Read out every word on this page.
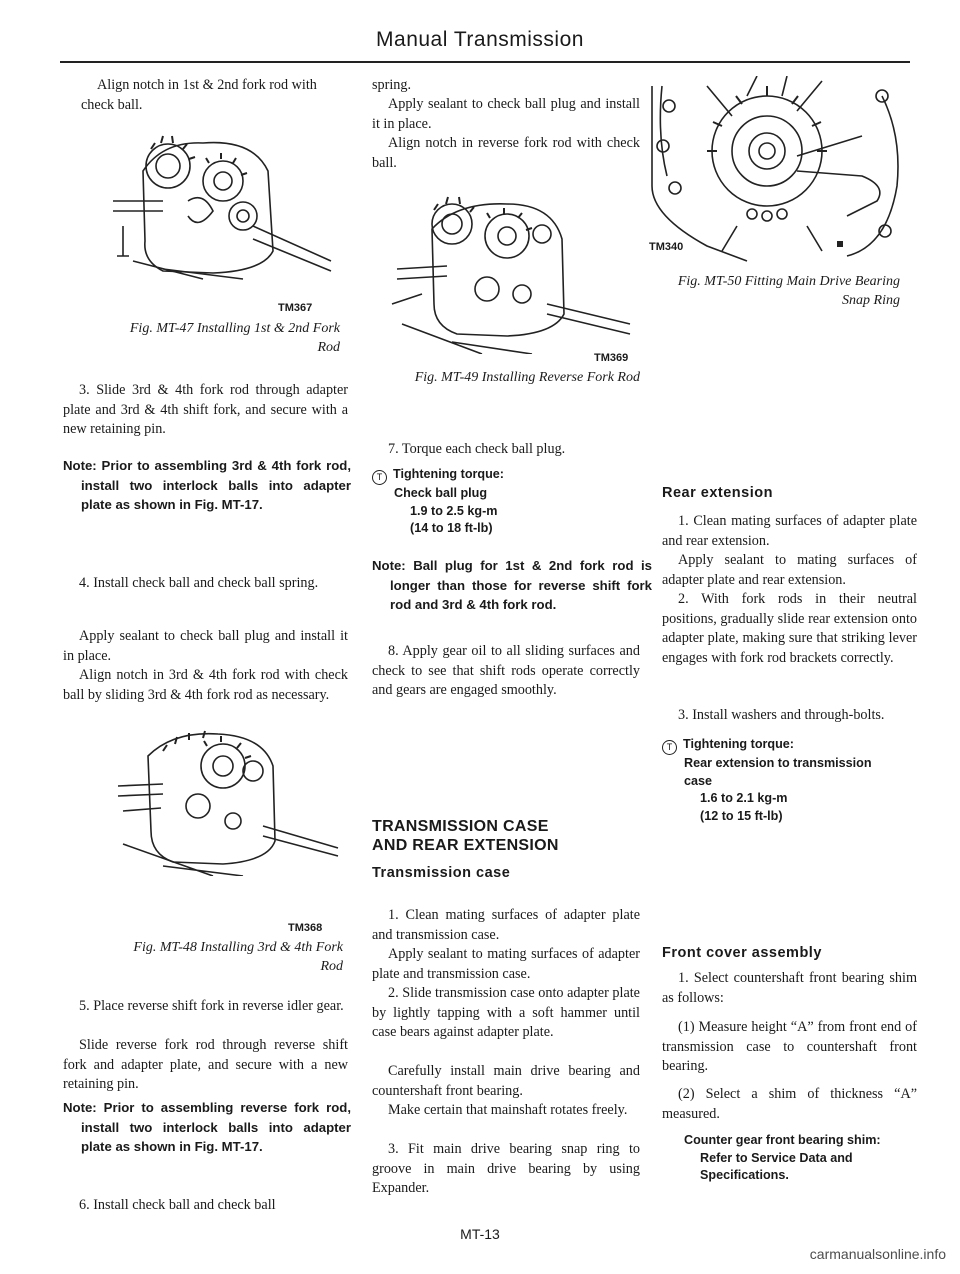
Manual Transmission

Align notch in 1st & 2nd fork rod with check ball.

TM367
Fig. MT-47 Installing 1st & 2nd Fork Rod

3. Slide 3rd & 4th fork rod through adapter plate and 3rd & 4th shift fork, and secure with a new retaining pin.

Note: Prior to assembling 3rd & 4th fork rod, install two interlock balls into adapter plate as shown in Fig. MT-17.

4. Install check ball and check ball spring.

Apply sealant to check ball plug and install it in place.

Align notch in 3rd & 4th fork rod with check ball by sliding 3rd & 4th fork rod as necessary.

TM368
Fig. MT-48 Installing 3rd & 4th Fork Rod

5. Place reverse shift fork in reverse idler gear.

Slide reverse fork rod through reverse shift fork and adapter plate, and secure with a new retaining pin.

Note: Prior to assembling reverse fork rod, install two interlock balls into adapter plate as shown in Fig. MT-17.

6. Install check ball and check ball

spring.

Apply sealant to check ball plug and install it in place.

Align notch in reverse fork rod with check ball.

TM369
Fig. MT-49 Installing Reverse Fork Rod

7. Torque each check ball plug.

T Tightening torque:
Check ball plug
1.9 to 2.5 kg-m
(14 to 18 ft-lb)

Note: Ball plug for 1st & 2nd fork rod is longer than those for reverse shift fork rod and 3rd & 4th fork rod.

8. Apply gear oil to all sliding surfaces and check to see that shift rods operate correctly and gears are engaged smoothly.

TRANSMISSION CASE
AND REAR EXTENSION
Transmission case

1. Clean mating surfaces of adapter plate and transmission case.

Apply sealant to mating surfaces of adapter plate and transmission case.

2. Slide transmission case onto adapter plate by lightly tapping with a soft hammer until case bears against adapter plate.

Carefully install main drive bearing and countershaft front bearing.

Make certain that mainshaft rotates freely.

3. Fit main drive bearing snap ring to groove in main drive bearing by using Expander.

TM340
Fig. MT-50 Fitting Main Drive Bearing Snap Ring
Rear extension

1. Clean mating surfaces of adapter plate and rear extension.

Apply sealant to mating surfaces of adapter plate and rear extension.

2. With fork rods in their neutral positions, gradually slide rear extension onto adapter plate, making sure that striking lever engages with fork rod brackets correctly.

3. Install washers and through-bolts.

T Tightening torque:
Rear extension to transmission
case
1.6 to 2.1 kg-m
(12 to 15 ft-lb)
Front cover assembly

1. Select countershaft front bearing shim as follows:

(1) Measure height “A” from front end of transmission case to countershaft front bearing.

(2) Select a shim of thickness “A” measured.

Counter gear front bearing shim:
Refer to Service Data and
Specifications.
MT-13
carmanualsonline.info
